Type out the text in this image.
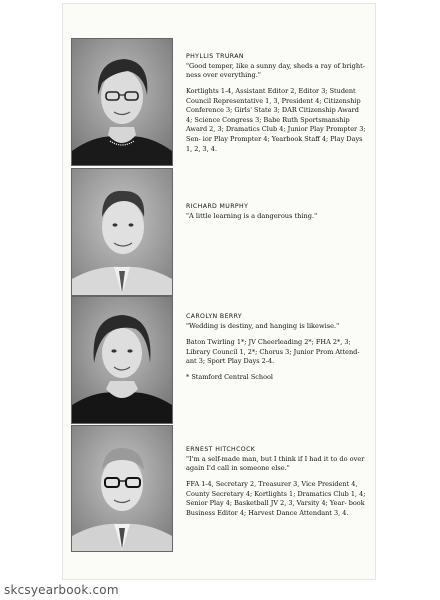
PHYLLIS TRURAN

"Good temper, like a sunny day, sheds a ray of bright- ness over everything."

Kortlights 1-4, Assistant Editor 2, Editor 3; Student Council Representative 1, 3, President 4; Citizenship Conference 3; Girls' State 3; DAR Citizenship Award 4; Science Congress 3; Babe Ruth Sportsmanship Award 2, 3; Dramatics Club 4; Junior Play Prompter 3; Sen- ior Play Prompter 4; Yearbook Staff 4; Play Days 1, 2, 3, 4.

RICHARD MURPHY

"A little learning is a dangerous thing."

CAROLYN BERRY

"Wedding is destiny, and hanging is likewise."

Baton Twirling 1*; JV Cheerleading 2*; FHA 2*, 3; Library Council 1, 2*; Chorus 3; Junior Prom Attend- ant 3; Sport Play Days 2-4.

* Stamford Central School

ERNEST HITCHCOCK

"I'm a self-made man, but I think if I had it to do over again I'd call in someone else."

FFA 1-4, Secretary 2, Treasurer 3, Vice President 4, County Secretary 4; Kortlights 1; Dramatics Club 1, 4; Senior Play 4; Basketball JV 2, 3, Varsity 4; Year- book Business Editor 4; Harvest Dance Attendant 3, 4.

skcsyearbook.com
